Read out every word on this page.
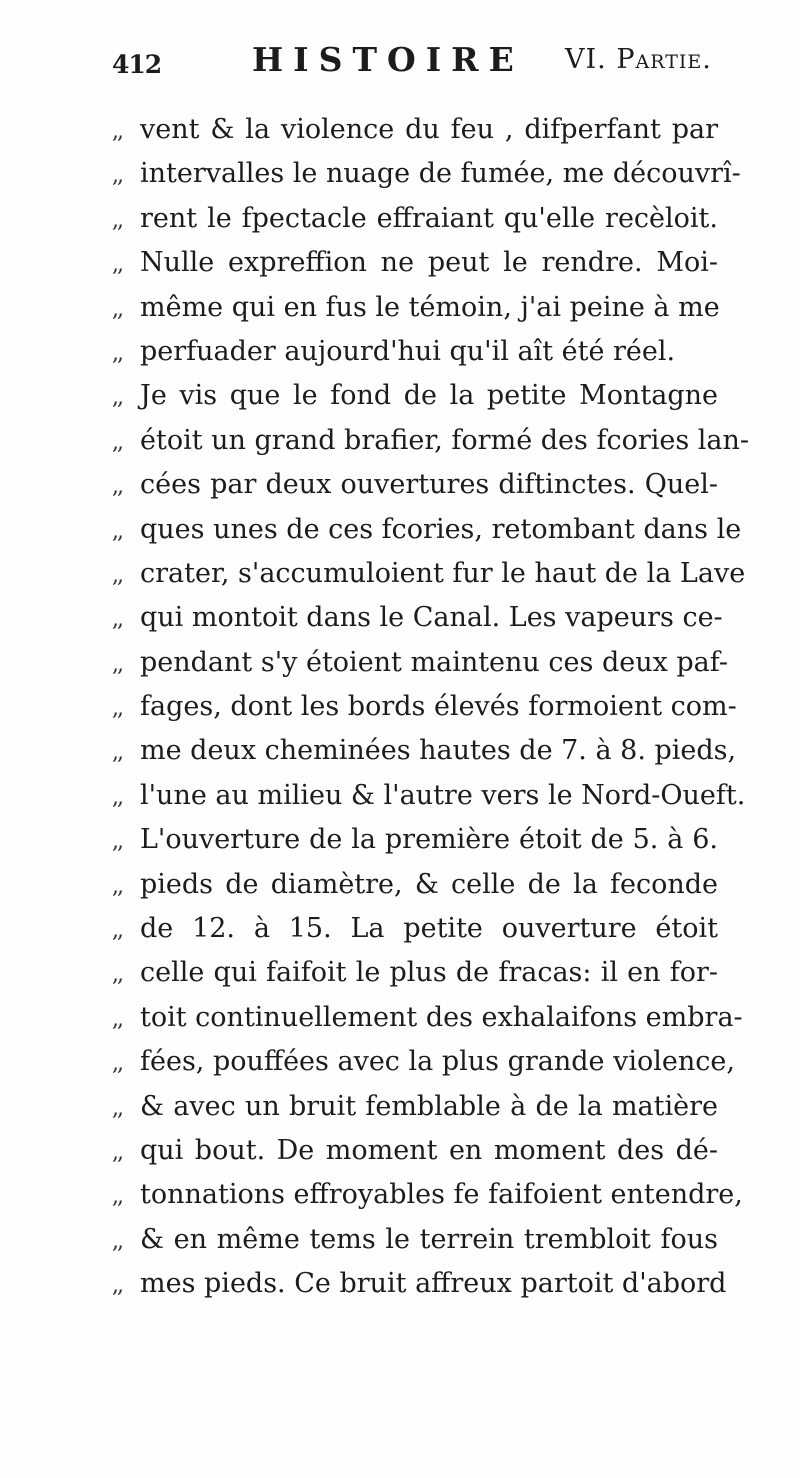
412	HISTOIRE VI. Partie.
,, vent & la violence du feu , difperfant par
,, intervalles le nuage de fumée, me découvrî-
,, rent le fpectacle effraiant qu'elle recèloit.
,, Nulle expreffion ne peut le rendre. Moi-
,, même qui en fus le témoin, j'ai peine à me
,, perfuader aujourd'hui qu'il aît été réel.
,, Je vis que le fond de la petite Montagne
,, étoit un grand brafier, formé des fcories lan-
,, cées par deux ouvertures diftinctes. Quel-
,, ques unes de ces fcories, retombant dans le
,, crater, s'accumuloient fur le haut de la Lave
,, qui montoit dans le Canal. Les vapeurs ce-
,, pendant s'y étoient maintenu ces deux paf-
,, fages, dont les bords élevés formoient com-
,, me deux cheminées hautes de 7. à 8. pieds,
,, l'une au milieu & l'autre vers le Nord-Oueft.
,, L'ouverture de la première étoit de 5. à 6.
,, pieds de diamètre, & celle de la feconde
,, de 12. à 15. La petite ouverture étoit
,, celle qui faifoit le plus de fracas: il en for-
,, toit continuellement des exhalaifons embra-
,, fées, pouffées avec la plus grande violence,
,, & avec un bruit femblable à de la matière
,, qui bout. De moment en moment des dé-
,, tonnations effroyables fe faifoient entendre,
,, & en même tems le terrein trembloit fous
,, mes pieds. Ce bruit affreux partoit d'abord
